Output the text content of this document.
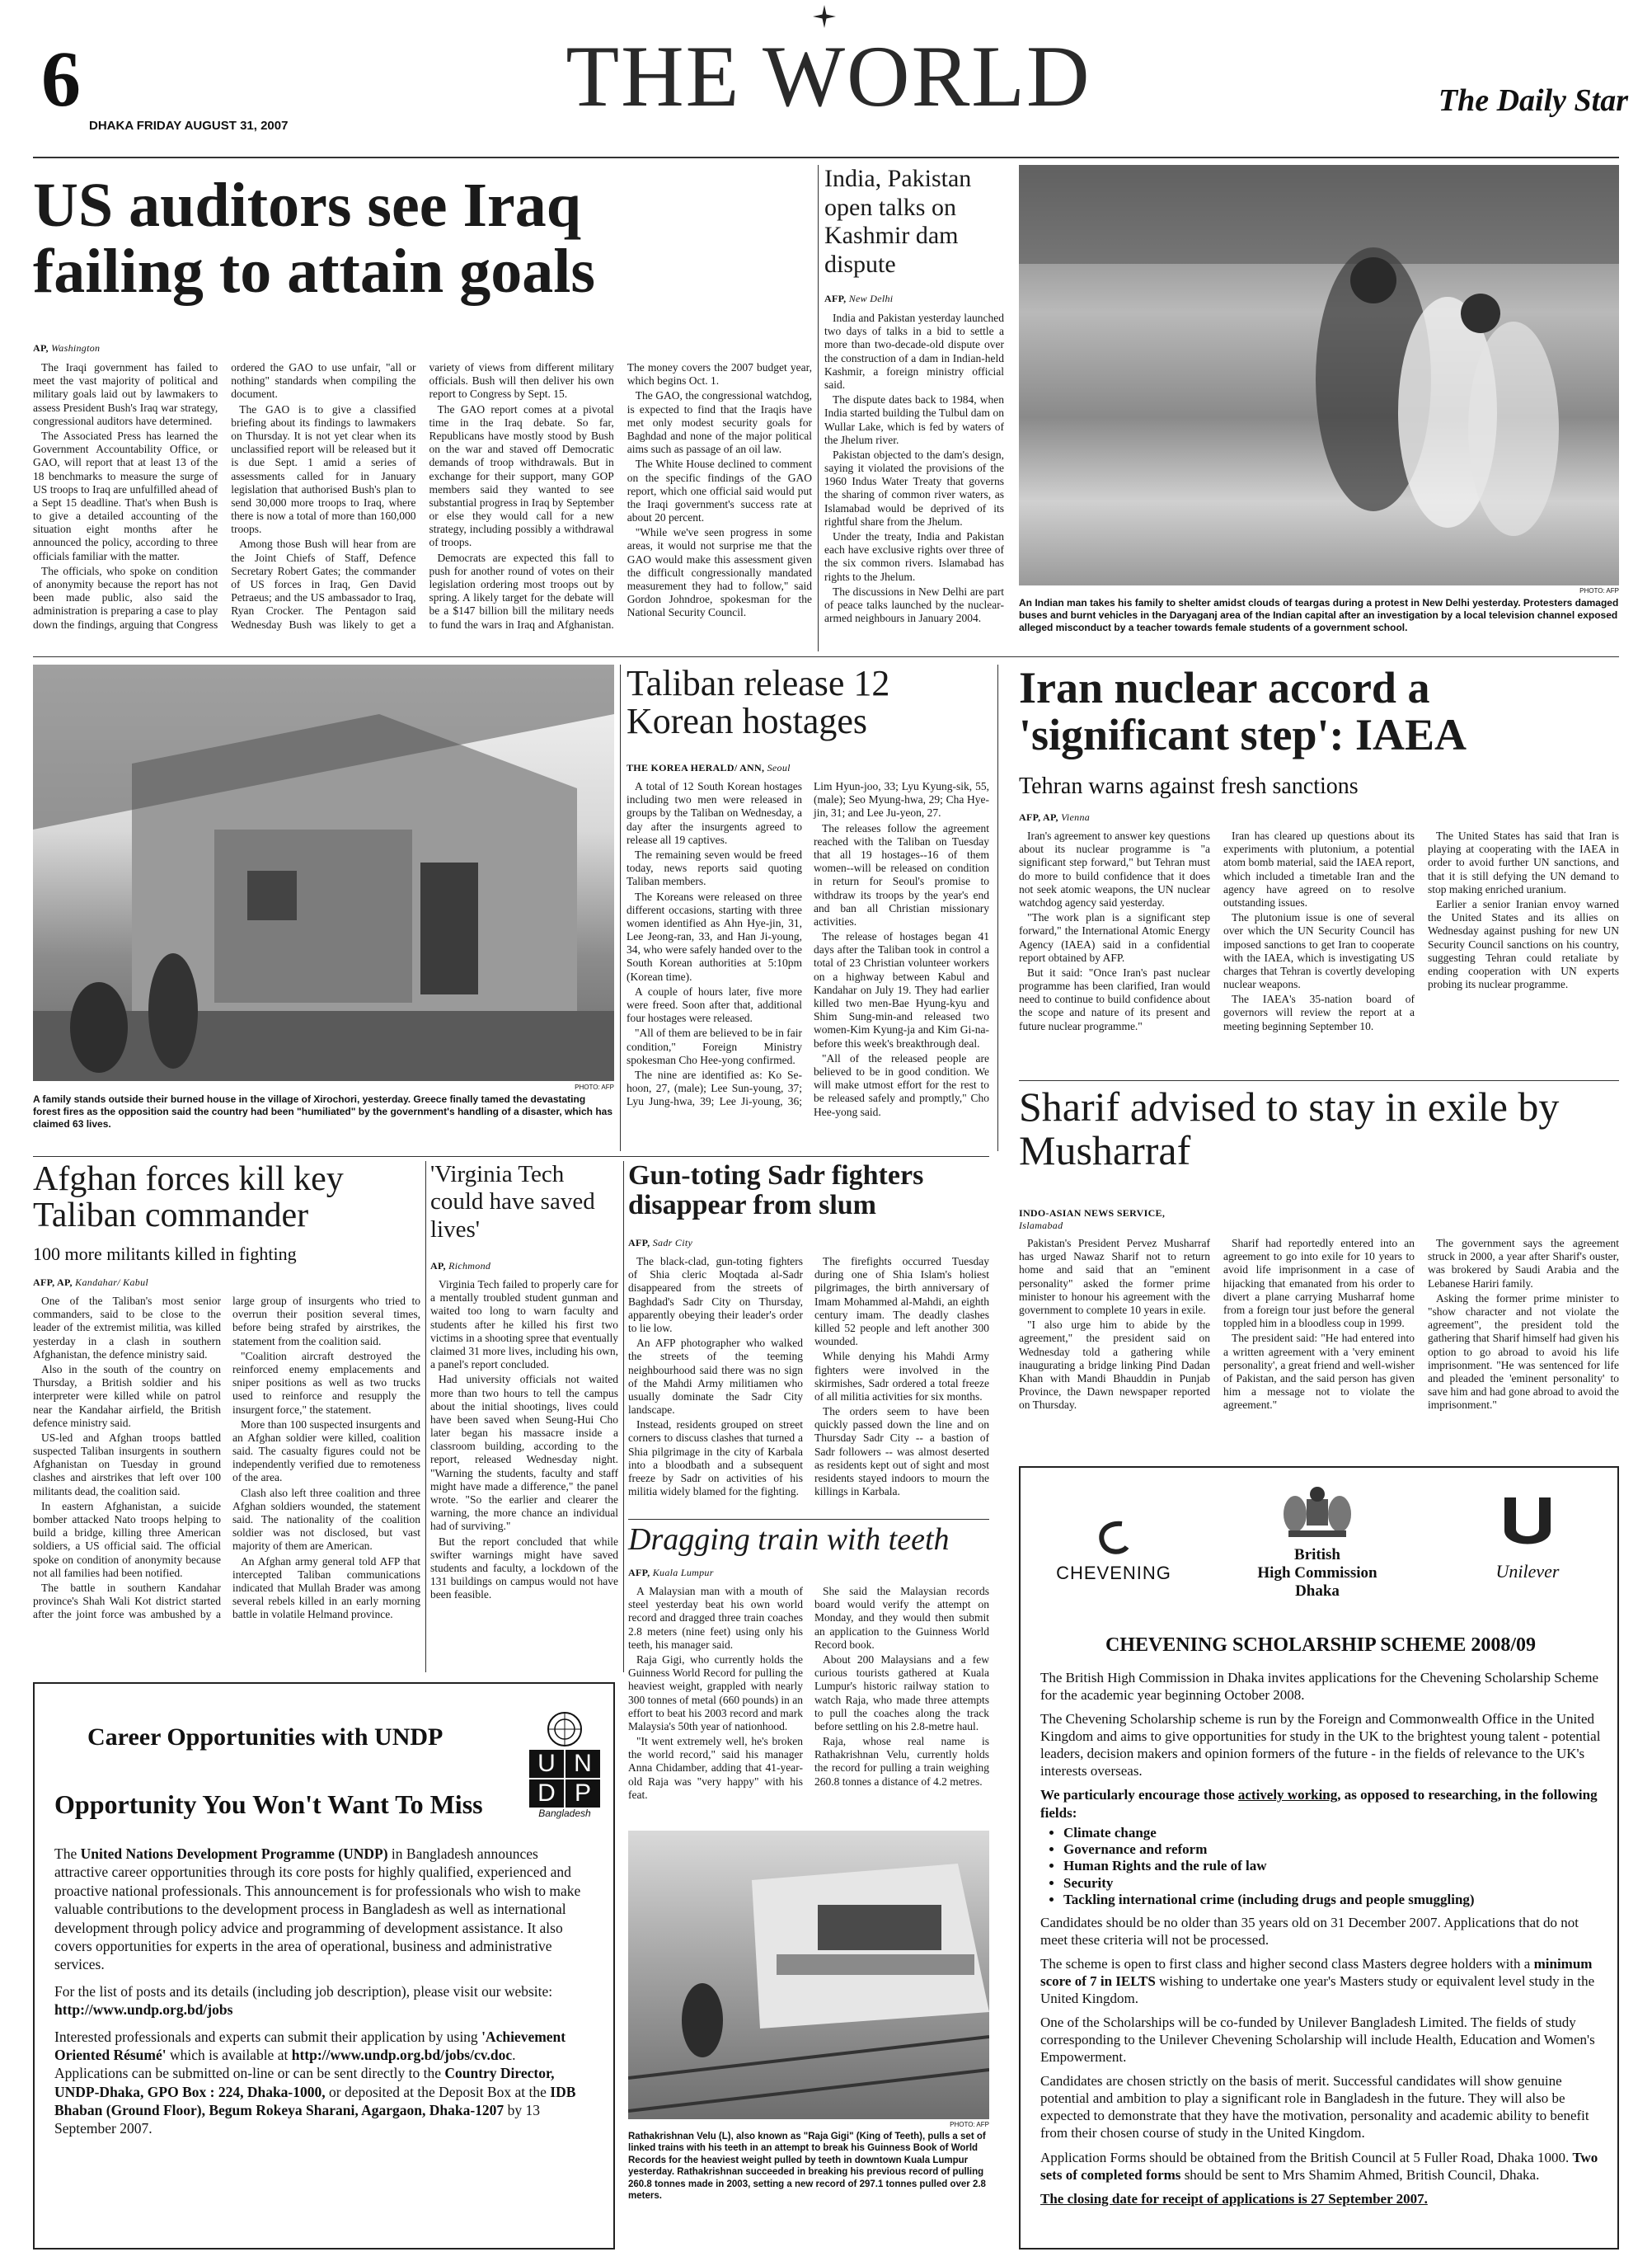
6
DHAKA FRIDAY AUGUST 31, 2007
THE WORLD	The Daily Star
US auditors see Iraq failing to attain goals
AP, Washington

The Iraqi government has failed to meet the vast majority of political and military goals laid out by lawmakers to assess President Bush's Iraq war strategy, congressional auditors have determined.

The Associated Press has learned the Government Accountability Office, or GAO, will report that at least 13 of the 18 benchmarks to measure the surge of US troops to Iraq are unfulfilled ahead of a Sept 15 deadline. That's when Bush is to give a detailed accounting of the situation eight months after he announced the policy, according to three officials familiar with the matter.

The officials, who spoke on condition of anonymity because the report has not been made public, also said the administration is preparing a case to play down the findings, arguing that Congress ordered the GAO to use unfair, "all or nothing" standards when compiling the document.

The GAO is to give a classified briefing about its findings to lawmakers on Thursday. It is not yet clear when its unclassified report will be released but it is due Sept. 1 amid a series of assessments called for in January legislation that authorised Bush's plan to send 30,000 more troops to Iraq, where there is now a total of more than 160,000 troops.

Among those Bush will hear from are the Joint Chiefs of Staff, Defence Secretary Robert Gates; the commander of US forces in Iraq, Gen David Petraeus; and the US ambassador to Iraq, Ryan Crocker. The Pentagon said Wednesday Bush was likely to get a variety of views from different military officials. Bush will then deliver his own report to Congress by Sept. 15.

The GAO report comes at a pivotal time in the Iraq debate. So far, Republicans have mostly stood by Bush on the war and staved off Democratic demands of troop withdrawals. But in exchange for their support, many GOP members said they wanted to see substantial progress in Iraq by September or else they would call for a new strategy, including possibly a withdrawal of troops.

Democrats are expected this fall to push for another round of votes on their legislation ordering most troops out by spring. A likely target for the debate will be a $147 billion bill the military needs to fund the wars in Iraq and Afghanistan. The money covers the 2007 budget year, which begins Oct. 1.

The GAO, the congressional watchdog, is expected to find that the Iraqis have met only modest security goals for Baghdad and none of the major political aims such as passage of an oil law.

The White House declined to comment on the specific findings of the GAO report, which one official said would put the Iraqi government's success rate at about 20 percent.

"While we've seen progress in some areas, it would not surprise me that the GAO would make this assessment given the difficult congressionally mandated measurement they had to follow," said Gordon Johndroe, spokesman for the National Security Council.

India, Pakistan open talks on Kashmir dam dispute
AFP, New Delhi

India and Pakistan yesterday launched two days of talks in a bid to settle a more than two-decade-old dispute over the construction of a dam in Indian-held Kashmir, a foreign ministry official said.

The dispute dates back to 1984, when India started building the Tulbul dam on Wullar Lake, which is fed by waters of the Jhelum river.

Pakistan objected to the dam's design, saying it violated the provisions of the 1960 Indus Water Treaty that governs the sharing of common river waters, as Islamabad would be deprived of its rightful share from the Jhelum.

Under the treaty, India and Pakistan each have exclusive rights over three of the six common rivers. Islamabad has rights to the Jhelum.

The discussions in New Delhi are part of peace talks launched by the nuclear-armed neighbours in January 2004.

PHOTO: AFP
An Indian man takes his family to shelter amidst clouds of teargas during a protest in New Delhi yesterday. Protesters damaged buses and burnt vehicles in the Daryaganj area of the Indian capital after an investigation by a local television channel exposed alleged misconduct by a teacher towards female students of a government school.
PHOTO: AFP
A family stands outside their burned house in the village of Xirochori, yesterday. Greece finally tamed the devastating forest fires as the opposition said the country had been "humiliated" by the government's handling of a disaster, which has claimed 63 lives.
Taliban release 12 Korean hostages
THE KOREA HERALD/ ANN, Seoul

A total of 12 South Korean hostages including two men were released in groups by the Taliban on Wednesday, a day after the insurgents agreed to release all 19 captives.

The remaining seven would be freed today, news reports said quoting Taliban members.

The Koreans were released on three different occasions, starting with three women identified as Ahn Hye-jin, 31, Lee Jeong-ran, 33, and Han Ji-young, 34, who were safely handed over to the South Korean authorities at 5:10pm (Korean time).

A couple of hours later, five more were freed. Soon after that, additional four hostages were released.

"All of them are believed to be in fair condition," Foreign Ministry spokesman Cho Hee-yong confirmed.

The nine are identified as: Ko Se-hoon, 27, (male); Lee Sun-young, 37; Lyu Jung-hwa, 39; Lee Ji-young, 36; Lim Hyun-joo, 33; Lyu Kyung-sik, 55, (male); Seo Myung-hwa, 29; Cha Hye-jin, 31; and Lee Ju-yeon, 27.

The releases follow the agreement reached with the Taliban on Tuesday that all 19 hostages--16 of them women--will be released on condition in return for Seoul's promise to withdraw its troops by the year's end and ban all Christian missionary activities.

The release of hostages began 41 days after the Taliban took in control a total of 23 Christian volunteer workers on a highway between Kabul and Kandahar on July 19. They had earlier killed two men-Bae Hyung-kyu and Shim Sung-min-and released two women-Kim Kyung-ja and Kim Gi-na-before this week's breakthrough deal.

"All of the released people are believed to be in good condition. We will make utmost effort for the rest to be released safely and promptly," Cho Hee-yong said.

Iran nuclear accord a 'significant step': IAEA
Tehran warns against fresh sanctions
AFP, AP, Vienna

Iran's agreement to answer key questions about its nuclear programme is "a significant step forward," but Tehran must do more to build confidence that it does not seek atomic weapons, the UN nuclear watchdog agency said yesterday.

"The work plan is a significant step forward," the International Atomic Energy Agency (IAEA) said in a confidential report obtained by AFP.

But it said: "Once Iran's past nuclear programme has been clarified, Iran would need to continue to build confidence about the scope and nature of its present and future nuclear programme."

Iran has cleared up questions about its experiments with plutonium, a potential atom bomb material, said the IAEA report, which included a timetable Iran and the agency have agreed on to resolve outstanding issues.

The plutonium issue is one of several over which the UN Security Council has imposed sanctions to get Iran to cooperate with the IAEA, which is investigating US charges that Tehran is covertly developing nuclear weapons.

The IAEA's 35-nation board of governors will review the report at a meeting beginning September 10.

The United States has said that Iran is playing at cooperating with the IAEA in order to avoid further UN sanctions, and that it is still defying the UN demand to stop making enriched uranium.

Earlier a senior Iranian envoy warned the United States and its allies on Wednesday against pushing for new UN Security Council sanctions on his country, suggesting Tehran could retaliate by ending cooperation with UN experts probing its nuclear programme.

Sharif advised to stay in exile by Musharraf
INDO-ASIAN NEWS SERVICE,
Islamabad

Pakistan's President Pervez Musharraf has urged Nawaz Sharif not to return home and said that an "eminent personality" asked the former prime minister to honour his agreement with the government to complete 10 years in exile.

"I also urge him to abide by the agreement," the president said on Wednesday told a gathering while inaugurating a bridge linking Pind Dadan Khan with Mandi Bhauddin in Punjab Province, the Dawn newspaper reported on Thursday.

Sharif had reportedly entered into an agreement to go into exile for 10 years to avoid life imprisonment in a case of hijacking that emanated from his order to divert a plane carrying Musharraf home from a foreign tour just before the general toppled him in a bloodless coup in 1999.

The president said: "He had entered into a written agreement with a 'very eminent personality', a great friend and well-wisher of Pakistan, and the said person has given him a message not to violate the agreement."

The government says the agreement struck in 2000, a year after Sharif's ouster, was brokered by Saudi Arabia and the Lebanese Hariri family.

Asking the former prime minister to "show character and not violate the agreement", the president told the gathering that Sharif himself had given his option to go abroad to avoid his life imprisonment. "He was sentenced for life and pleaded the 'eminent personality' to save him and had gone abroad to avoid the imprisonment."

Afghan forces kill key Taliban commander
100 more militants killed in fighting
AFP, AP, Kandahar/ Kabul

One of the Taliban's most senior commanders, said to be close to the leader of the extremist militia, was killed yesterday in a clash in southern Afghanistan, the defence ministry said.

Also in the south of the country on Thursday, a British soldier and his interpreter were killed while on patrol near the Kandahar airfield, the British defence ministry said.

US-led and Afghan troops battled suspected Taliban insurgents in southern Afghanistan on Tuesday in ground clashes and airstrikes that left over 100 militants dead, the coalition said.

In eastern Afghanistan, a suicide bomber attacked Nato troops helping to build a bridge, killing three American soldiers, a US official said. The official spoke on condition of anonymity because not all families had been notified.

The battle in southern Kandahar province's Shah Wali Kot district started after the joint force was ambushed by a large group of insurgents who tried to overrun their position several times, before being strafed by airstrikes, the statement from the coalition said.

"Coalition aircraft destroyed the reinforced enemy emplacements and sniper positions as well as two trucks used to reinforce and resupply the insurgent force," the statement.

More than 100 suspected insurgents and an Afghan soldier were killed, coalition said. The casualty figures could not be independently verified due to remoteness of the area.

Clash also left three coalition and three Afghan soldiers wounded, the statement said. The nationality of the coalition soldier was not disclosed, but vast majority of them are American.

An Afghan army general told AFP that intercepted Taliban communications indicated that Mullah Brader was among several rebels killed in an early morning battle in volatile Helmand province.

'Virginia Tech could have saved lives'
AP, Richmond

Virginia Tech failed to properly care for a mentally troubled student gunman and waited too long to warn faculty and students after he killed his first two victims in a shooting spree that eventually claimed 31 more lives, including his own, a panel's report concluded.

Had university officials not waited more than two hours to tell the campus about the initial shootings, lives could have been saved when Seung-Hui Cho later began his massacre inside a classroom building, according to the report, released Wednesday night. "Warning the students, faculty and staff might have made a difference," the panel wrote. "So the earlier and clearer the warning, the more chance an individual had of surviving."

But the report concluded that while swifter warnings might have saved students and faculty, a lockdown of the 131 buildings on campus would not have been feasible.

Gun-toting Sadr fighters disappear from slum
AFP, Sadr City

The black-clad, gun-toting fighters of Shia cleric Moqtada al-Sadr disappeared from the streets of Baghdad's Sadr City on Thursday, apparently obeying their leader's order to lie low.

An AFP photographer who walked the streets of the teeming neighbourhood said there was no sign of the Mahdi Army militiamen who usually dominate the Sadr City landscape.

Instead, residents grouped on street corners to discuss clashes that turned a Shia pilgrimage in the city of Karbala into a bloodbath and a subsequent freeze by Sadr on activities of his militia widely blamed for the fighting.

The firefights occurred Tuesday during one of Shia Islam's holiest pilgrimages, the birth anniversary of Imam Mohammed al-Mahdi, an eighth century imam. The deadly clashes killed 52 people and left another 300 wounded.

While denying his Mahdi Army fighters were involved in the skirmishes, Sadr ordered a total freeze of all militia activities for six months.

The orders seem to have been quickly passed down the line and on Thursday Sadr City -- a bastion of Sadr followers -- was almost deserted as residents kept out of sight and most residents stayed indoors to mourn the killings in Karbala.

Dragging train with teeth
AFP, Kuala Lumpur

A Malaysian man with a mouth of steel yesterday beat his own world record and dragged three train coaches 2.8 meters (nine feet) using only his teeth, his manager said.

Raja Gigi, who currently holds the Guinness World Record for pulling the heaviest weight, grappled with nearly 300 tonnes of metal (660 pounds) in an effort to beat his 2003 record and mark Malaysia's 50th year of nationhood.

"It went extremely well, he's broken the world record," said his manager Anna Chidamber, adding that 41-year-old Raja was "very happy" with his feat.

She said the Malaysian records board would verify the attempt on Monday, and they would then submit an application to the Guinness World Record book.

About 200 Malaysians and a few curious tourists gathered at Kuala Lumpur's historic railway station to watch Raja, who made three attempts to pull the coaches along the track before settling on his 2.8-metre haul.

Raja, whose real name is Rathakrishnan Velu, currently holds the record for pulling a train weighing 260.8 tonnes a distance of 4.2 metres.

PHOTO: AFP
Rathakrishnan Velu (L), also known as "Raja Gigi" (King of Teeth), pulls a set of linked trains with his teeth in an attempt to break his Guinness Book of World Records for the heaviest weight pulled by teeth in downtown Kuala Lumpur yesterday. Rathakrishnan succeeded in breaking his previous record of pulling 260.8 tonnes made in 2003, setting a new record of 297.1 tonnes pulled over 2.8 meters.
Career Opportunities with UNDP
Opportunity You Won't Want To Miss
U N
D P
Bangladesh

The United Nations Development Programme (UNDP) in Bangladesh announces attractive career opportunities through its core posts for highly qualified, experienced and proactive national professionals. This announcement is for professionals who wish to make valuable contributions to the development process in Bangladesh as well as international development through policy advice and programming of development assistance. It also covers opportunities for experts in the area of operational, business and administrative services.

For the list of posts and its details (including job description), please visit our website: http://www.undp.org.bd/jobs

Interested professionals and experts can submit their application by using 'Achievement Oriented Résumé' which is available at http://www.undp.org.bd/jobs/cv.doc. Applications can be submitted on-line or can be sent directly to the Country Director, UNDP-Dhaka, GPO Box : 224, Dhaka-1000, or deposited at the Deposit Box at the IDB Bhaban (Ground Floor), Begum Rokeya Sharani, Agargaon, Dhaka-1207 by 13 September 2007.

CHEVENING
British
High Commission
Dhaka
Unilever
CHEVENING SCHOLARSHIP SCHEME 2008/09

The British High Commission in Dhaka invites applications for the Chevening Scholarship Scheme for the academic year beginning October 2008.

The Chevening Scholarship scheme is run by the Foreign and Commonwealth Office in the United Kingdom and aims to give opportunities for study in the UK to the brightest young talent - potential leaders, decision makers and opinion formers of the future - in the fields of relevance to the UK's interests overseas.

We particularly encourage those actively working, as opposed to researching, in the following fields:

• Climate change
• Governance and reform
• Human Rights and the rule of law
• Security
• Tackling international crime (including drugs and people smuggling)

Candidates should be no older than 35 years old on 31 December 2007. Applications that do not meet these criteria will not be processed.

The scheme is open to first class and higher second class Masters degree holders with a minimum score of 7 in IELTS wishing to undertake one year's Masters study or equivalent level study in the United Kingdom.

One of the Scholarships will be co-funded by Unilever Bangladesh Limited. The fields of study corresponding to the Unilever Chevening Scholarship will include Health, Education and Women's Empowerment.

Candidates are chosen strictly on the basis of merit. Successful candidates will show genuine potential and ambition to play a significant role in Bangladesh in the future. They will also be expected to demonstrate that they have the motivation, personality and academic ability to benefit from their chosen course of study in the United Kingdom.

Application Forms should be obtained from the British Council at 5 Fuller Road, Dhaka 1000. Two sets of completed forms should be sent to Mrs Shamim Ahmed, British Council, Dhaka.

The closing date for receipt of applications is 27 September 2007.
